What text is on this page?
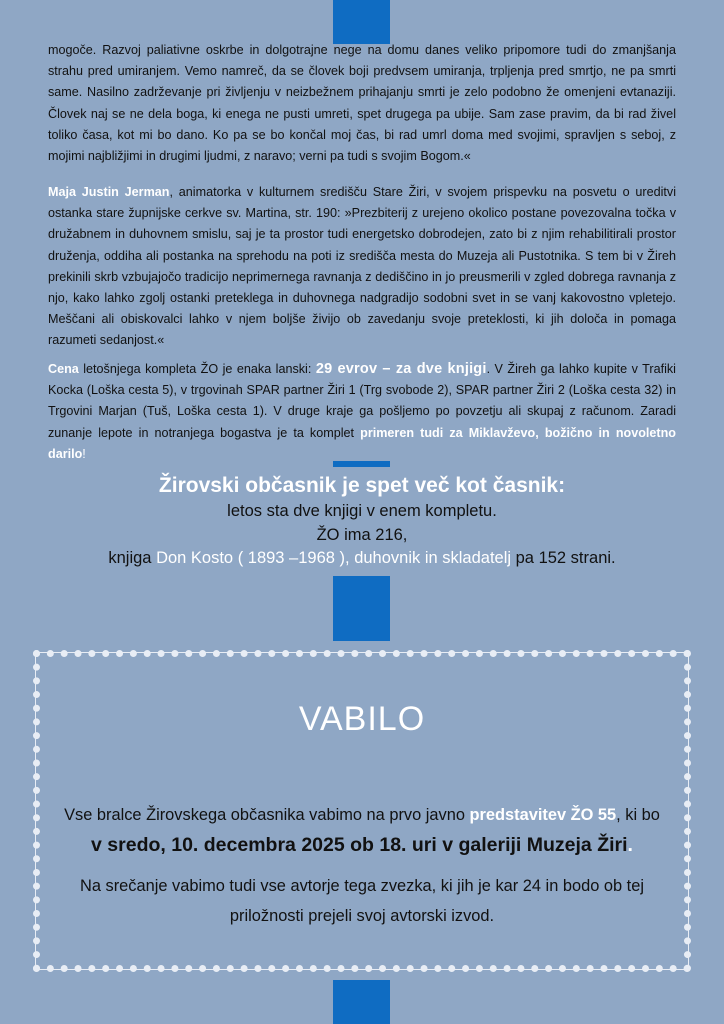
mogoče. Razvoj paliativne oskrbe in dolgotrajne nege na domu danes veliko pripomore tudi do zmanjšanja strahu pred umiranjem. Vemo namreč, da se človek boji predvsem umiranja, trpljenja pred smrtjo, ne pa smrti same. Nasilno zadrževanje pri življenju v neizbežnem prihajanju smrti je zelo podobno že omenjeni evtanaziji. Človek naj se ne dela boga, ki enega ne pusti umreti, spet drugega pa ubije. Sam zase pravim, da bi rad živel toliko časa, kot mi bo dano. Ko pa se bo končal moj čas, bi rad umrl doma med svojimi, spravljen s seboj, z mojimi najbližjimi in drugimi ljudmi, z naravo; verni pa tudi s svojim Bogom.«
Maja Justin Jerman, animatorka v kulturnem središču Stare Žiri, v svojem prispevku na posvetu o ureditvi ostanka stare župnijske cerkve sv. Martina, str. 190: »Prezbiterij z urejeno okolico postane povezovalna točka v družabnem in duhovnem smislu, saj je ta prostor tudi energetsko dobrodejen, zato bi z njim rehabilitirali prostor druženja, oddiha ali postanka na sprehodu na poti iz središča mesta do Muzeja ali Pustotnika. S tem bi v Žireh prekinili skrb vzbujajočo tradicijo neprimernega ravnanja z dediščino in jo preusmerili v zgled dobrega ravnanja z njo, kako lahko zgolj ostanki preteklega in duhovnega nadgradijo sodobni svet in se vanj kakovostno vpletejo. Meščani ali obiskovalci lahko v njem boljše živijo ob zavedanju svoje preteklosti, ki jih določa in pomaga razumeti sedanjost.«
Cena letošnjega kompleta ŽO je enaka lanski: 29 evrov – za dve knjigi. V Žireh ga lahko kupite v Trafiki Kocka (Loška cesta 5), v trgovinah SPAR partner Žiri 1 (Trg svobode 2), SPAR partner Žiri 2 (Loška cesta 32) in Trgovini Marjan (Tuš, Loška cesta 1). V druge kraje ga pošljemo po povzetju ali skupaj z računom. Zaradi zunanje lepote in notranjega bogastva je ta komplet primeren tudi za Miklavževo, božično in novoletno darilo!
Žirovski občasnik je spet več kot časnik:
letos sta dve knjigi v enem kompletu.
ŽO ima 216,
knjiga Don Kosto ( 1893 –1968 ), duhovnik in skladatelj pa 152 strani.
VABILO
Vse bralce Žirovskega občasnika vabimo na prvo javno predstavitev ŽO 55, ki bo
v sredo, 10. decembra 2025 ob 18. uri v galeriji Muzeja Žiri.
Na srečanje vabimo tudi vse avtorje tega zvezka, ki jih je kar 24 in bodo ob tej priložnosti prejeli svoj avtorski izvod.
